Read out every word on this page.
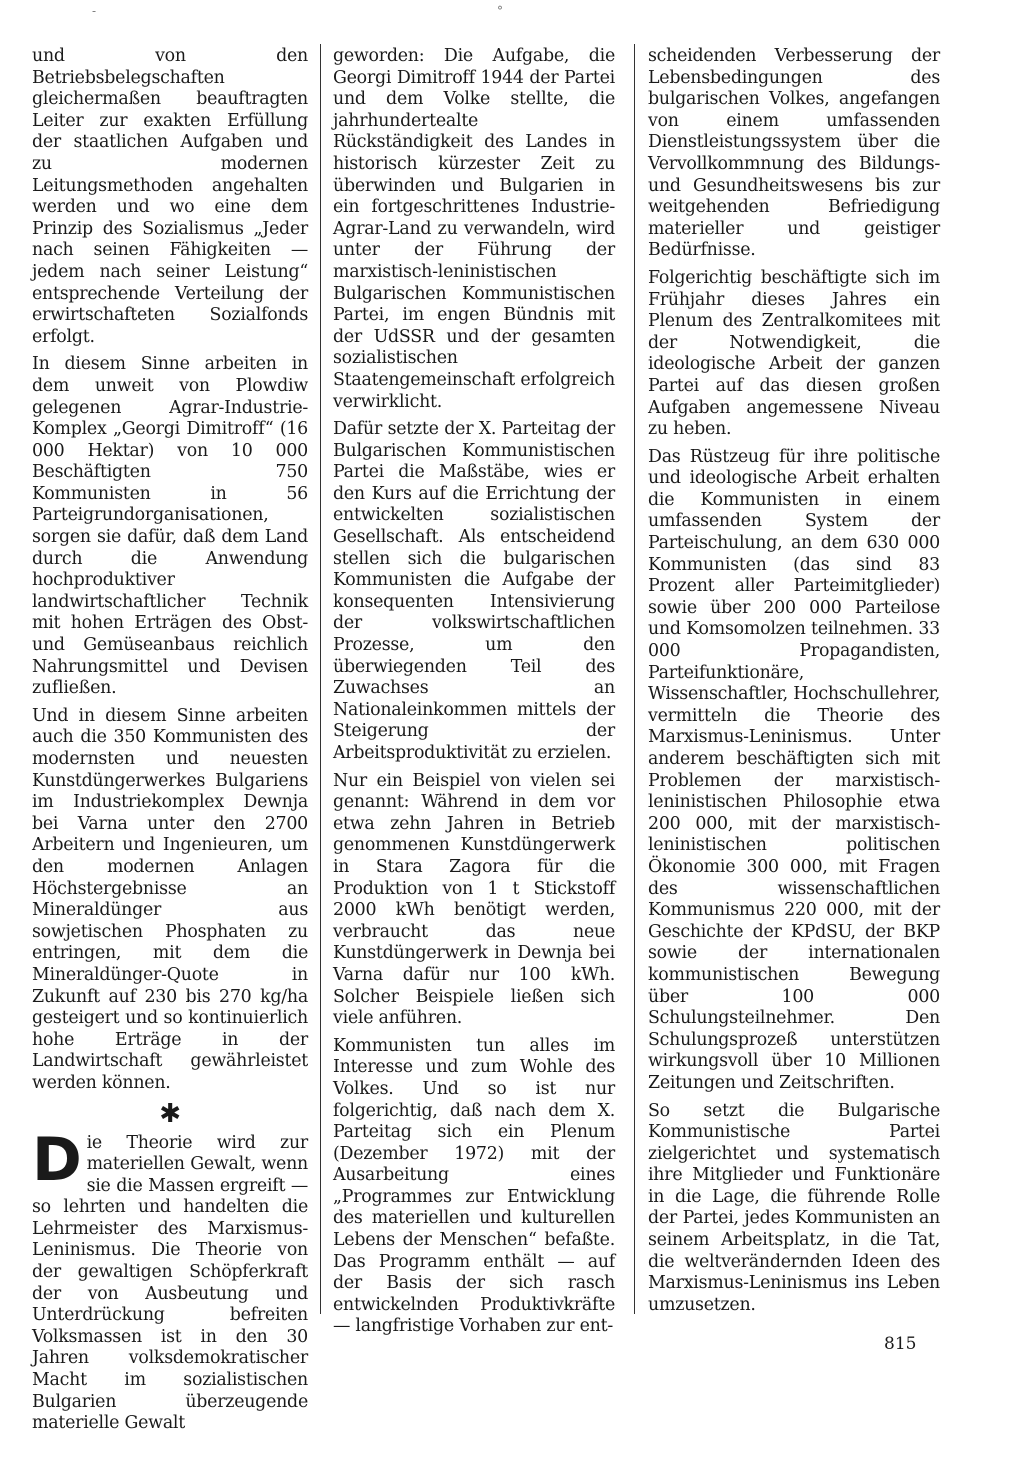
-	°

und von den Betriebsbelegschaften gleichermaßen beauftragten Leiter zur exakten Erfüllung der staatlichen Aufgaben und zu modernen Leitungsmethoden angehalten werden und wo eine dem Prinzip des Sozialismus „Jeder nach seinen Fähigkeiten — jedem nach seiner Leistung“ entsprechende Verteilung der erwirtschafteten Sozialfonds erfolgt.

In diesem Sinne arbeiten in dem unweit von Plowdiw gelegenen Agrar-Industrie-Komplex „Georgi Dimitroff“ (16 000 Hektar) von 10 000 Beschäftigten 750 Kommunisten in 56 Parteigrundorganisationen, sorgen sie dafür, daß dem Land durch die Anwendung hochproduktiver landwirtschaftlicher Technik mit hohen Erträgen des Obst- und Gemüseanbaus reichlich Nahrungsmittel und Devisen zufließen.

Und in diesem Sinne arbeiten auch die 350 Kommunisten des modernsten und neuesten Kunstdüngerwerkes Bulgariens im Industriekomplex Dewnja bei Varna unter den 2700 Arbeitern und Ingenieuren, um den modernen Anlagen Höchstergebnisse an Mineraldünger aus sowjetischen Phosphaten zu entringen, mit dem die Mineraldünger-Quote in Zukunft auf 230 bis 270 kg/ha gesteigert und so kontinuierlich hohe Erträge in der Landwirtschaft gewährleistet werden können.

✱

Die Theorie wird zur materiellen Gewalt, wenn sie die Massen ergreift — so lehrten und handelten die Lehrmeister des Marxismus-Leninismus. Die Theorie von der gewaltigen Schöpferkraft der von Ausbeutung und Unterdrückung befreiten Volksmassen ist in den 30 Jahren volksdemokratischer Macht im sozialistischen Bulgarien überzeugende materielle Gewalt

geworden: Die Aufgabe, die Georgi Dimitroff 1944 der Partei und dem Volke stellte, die jahrhundertealte Rückständigkeit des Landes in historisch kürzester Zeit zu überwinden und Bulgarien in ein fortgeschrittenes Industrie-Agrar-Land zu verwandeln, wird unter der Führung der marxistisch-leninistischen Bulgarischen Kommunistischen Partei, im engen Bündnis mit der UdSSR und der gesamten sozialistischen Staatengemeinschaft erfolgreich verwirklicht.

Dafür setzte der X. Parteitag der Bulgarischen Kommunistischen Partei die Maßstäbe, wies er den Kurs auf die Errichtung der entwickelten sozialistischen Gesellschaft. Als entscheidend stellen sich die bulgarischen Kommunisten die Aufgabe der konsequenten Intensivierung der volkswirtschaftlichen Prozesse, um den überwiegenden Teil des Zuwachses an Nationaleinkommen mittels der Steigerung der Arbeitsproduktivität zu erzielen.

Nur ein Beispiel von vielen sei genannt: Während in dem vor etwa zehn Jahren in Betrieb genommenen Kunstdüngerwerk in Stara Zagora für die Produktion von 1 t Stickstoff 2000 kWh benötigt werden, verbraucht das neue Kunstdüngerwerk in Dewnja bei Varna dafür nur 100 kWh. Solcher Beispiele ließen sich viele anführen.

Kommunisten tun alles im Interesse und zum Wohle des Volkes. Und so ist nur folgerichtig, daß nach dem X. Parteitag sich ein Plenum (Dezember 1972) mit der Ausarbeitung eines „Programmes zur Entwicklung des materiellen und kulturellen Lebens der Menschen“ befaßte. Das Programm enthält — auf der Basis der sich rasch entwickelnden Produktivkräfte — langfristige Vorhaben zur ent-

scheidenden Verbesserung der Lebensbedingungen des bulgarischen Volkes, angefangen von einem umfassenden Dienstleistungssystem über die Vervollkommnung des Bildungs- und Gesundheitswesens bis zur weitgehenden Befriedigung materieller und geistiger Bedürfnisse.

Folgerichtig beschäftigte sich im Frühjahr dieses Jahres ein Plenum des Zentralkomitees mit der Notwendigkeit, die ideologische Arbeit der ganzen Partei auf das diesen großen Aufgaben angemessene Niveau zu heben.

Das Rüstzeug für ihre politische und ideologische Arbeit erhalten die Kommunisten in einem umfassenden System der Parteischulung, an dem 630 000 Kommunisten (das sind 83 Prozent aller Parteimitglieder) sowie über 200 000 Parteilose und Komsomolzen teilnehmen. 33 000 Propagandisten, Parteifunktionäre, Wissenschaftler, Hochschullehrer, vermitteln die Theorie des Marxismus-Leninismus. Unter anderem beschäftigten sich mit Problemen der marxistisch-leninistischen Philosophie etwa 200 000, mit der marxistisch-leninistischen politischen Ökonomie 300 000, mit Fragen des wissenschaftlichen Kommunismus 220 000, mit der Geschichte der KPdSU, der BKP sowie der internationalen kommunistischen Bewegung über 100 000 Schulungsteilnehmer. Den Schulungsprozeß unterstützen wirkungsvoll über 10 Millionen Zeitungen und Zeitschriften.

So setzt die Bulgarische Kommunistische Partei zielgerichtet und systematisch ihre Mitglieder und Funktionäre in die Lage, die führende Rolle der Partei, jedes Kommunisten an seinem Arbeitsplatz, in die Tat, die weltverändernden Ideen des Marxismus-Leninismus ins Leben umzusetzen.

815
